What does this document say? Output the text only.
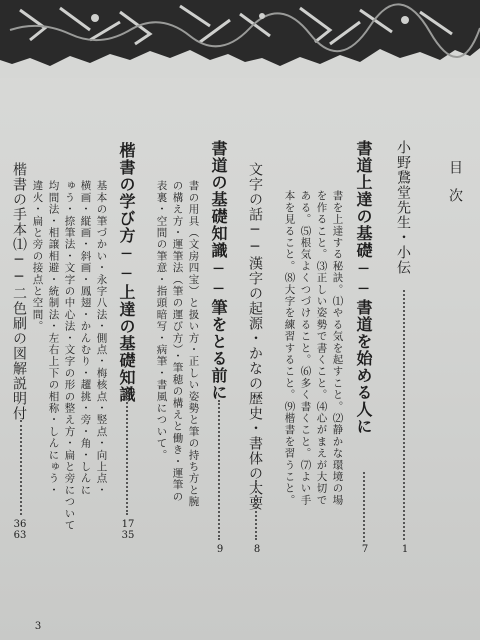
目次
小野鵞堂先生・小伝
1
書道上達の基礎──書道を始める人に
書を上達する秘訣。⑴やる気を起すこと。⑵静かな環境の場
を作ること。⑶正しい姿勢で書くこと。⑷心がまえが大切で
ある。⑸根気よくつづけること。⑹多く書くこと。⑺よい手
本を見ること。⑻大字を練習すること。⑼楷書を習うこと。
7
文字の話──漢字の起源・かなの歴史・書体の大要
8
書道の基礎知識──筆をとる前に
書の用具（文房四宝）と扱い方・正しい姿勢と筆の持ち方と腕
の構え方・運筆法（筆の運び方）・筆穂の構えと働き・運筆の
表裏・空間の筆意・指頭暗写・病筆・書風について。
9
楷書の学び方──上達の基礎知識
基本の筆づかい・永字八法・側点・梅核点・竪点・向上点・
横画・縦画・斜画・鳳翅・かんむり・趯挑・旁・角・しんに
ゅう・捺筆法・文字の中心法・文字の形の整え方・扁と旁について
均間法・相譲相避・統制法・左右上下の相称・しんにゅう・
違火・扁と旁の接点と空間。
17
35
楷書の手本⑴──二色刷の図解説明付
36
63
3
